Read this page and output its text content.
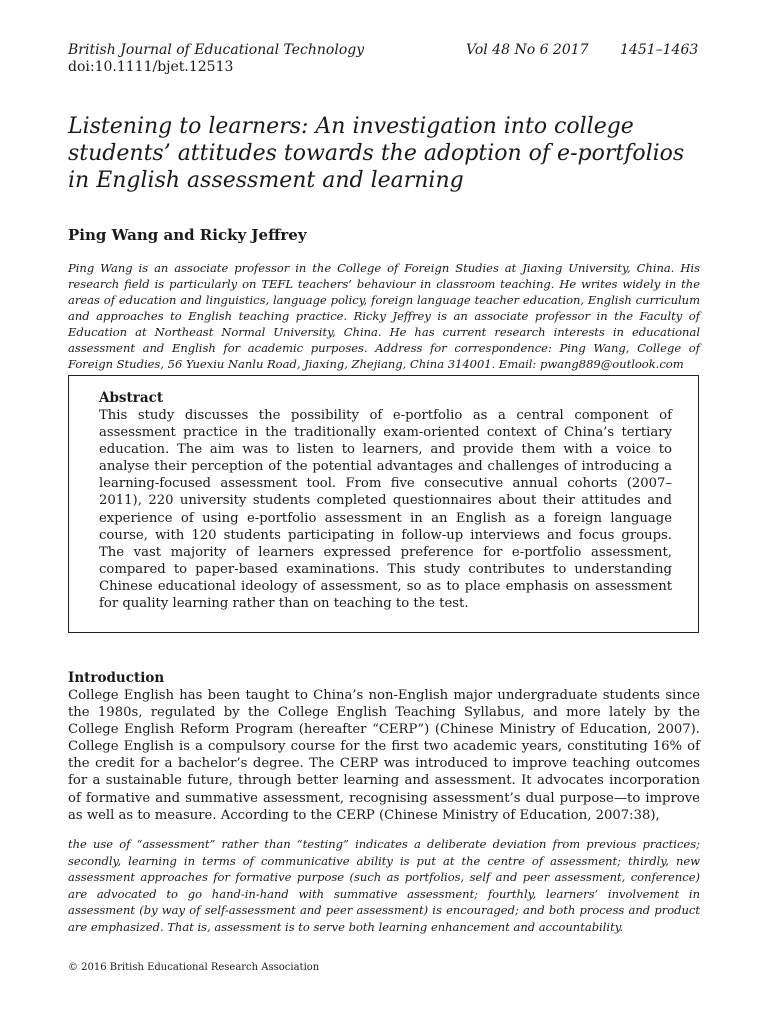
British Journal of Educational Technology	Vol 48 No 6 2017 1451–1463
doi:10.1111/bjet.12513
Listening to learners: An investigation into college students’ attitudes towards the adoption of e-portfolios in English assessment and learning
Ping Wang and Ricky Jeffrey

Ping Wang is an associate professor in the College of Foreign Studies at Jiaxing University, China. His research field is particularly on TEFL teachers’ behaviour in classroom teaching. He writes widely in the areas of education and linguistics, language policy, foreign language teacher education, English curriculum and approaches to English teaching practice. Ricky Jeffrey is an associate professor in the Faculty of Education at Northeast Normal University, China. He has current research interests in educational assessment and English for academic purposes. Address for correspondence: Ping Wang, College of Foreign Studies, 56 Yuexiu Nanlu Road, Jiaxing, Zhejiang, China 314001. Email: pwang889@outlook.com

Abstract

This study discusses the possibility of e-portfolio as a central component of assessment practice in the traditionally exam-oriented context of China’s tertiary education. The aim was to listen to learners, and provide them with a voice to analyse their perception of the potential advantages and challenges of introducing a learning-focused assessment tool. From five consecutive annual cohorts (2007–2011), 220 university students completed questionnaires about their attitudes and experience of using e-portfolio assessment in an English as a foreign language course, with 120 students participating in follow-up interviews and focus groups. The vast majority of learners expressed preference for e-portfolio assessment, compared to paper-based examinations. This study contributes to understanding Chinese educational ideology of assessment, so as to place emphasis on assessment for quality learning rather than on teaching to the test.

Introduction

College English has been taught to China’s non-English major undergraduate students since the 1980s, regulated by the College English Teaching Syllabus, and more lately by the College English Reform Program (hereafter “CERP”) (Chinese Ministry of Education, 2007). College English is a compulsory course for the first two academic years, constituting 16% of the credit for a bachelor’s degree. The CERP was introduced to improve teaching outcomes for a sustainable future, through better learning and assessment. It advocates incorporation of formative and summative assessment, recognising assessment’s dual purpose—to improve as well as to measure. According to the CERP (Chinese Ministry of Education, 2007:38),

the use of “assessment” rather than “testing” indicates a deliberate deviation from previous practices; secondly, learning in terms of communicative ability is put at the centre of assessment; thirdly, new assessment approaches for formative purpose (such as portfolios, self and peer assessment, conference) are advocated to go hand-in-hand with summative assessment; fourthly, learners’ involvement in assessment (by way of self-assessment and peer assessment) is encouraged; and both process and product are emphasized. That is, assessment is to serve both learning enhancement and accountability.

© 2016 British Educational Research Association
